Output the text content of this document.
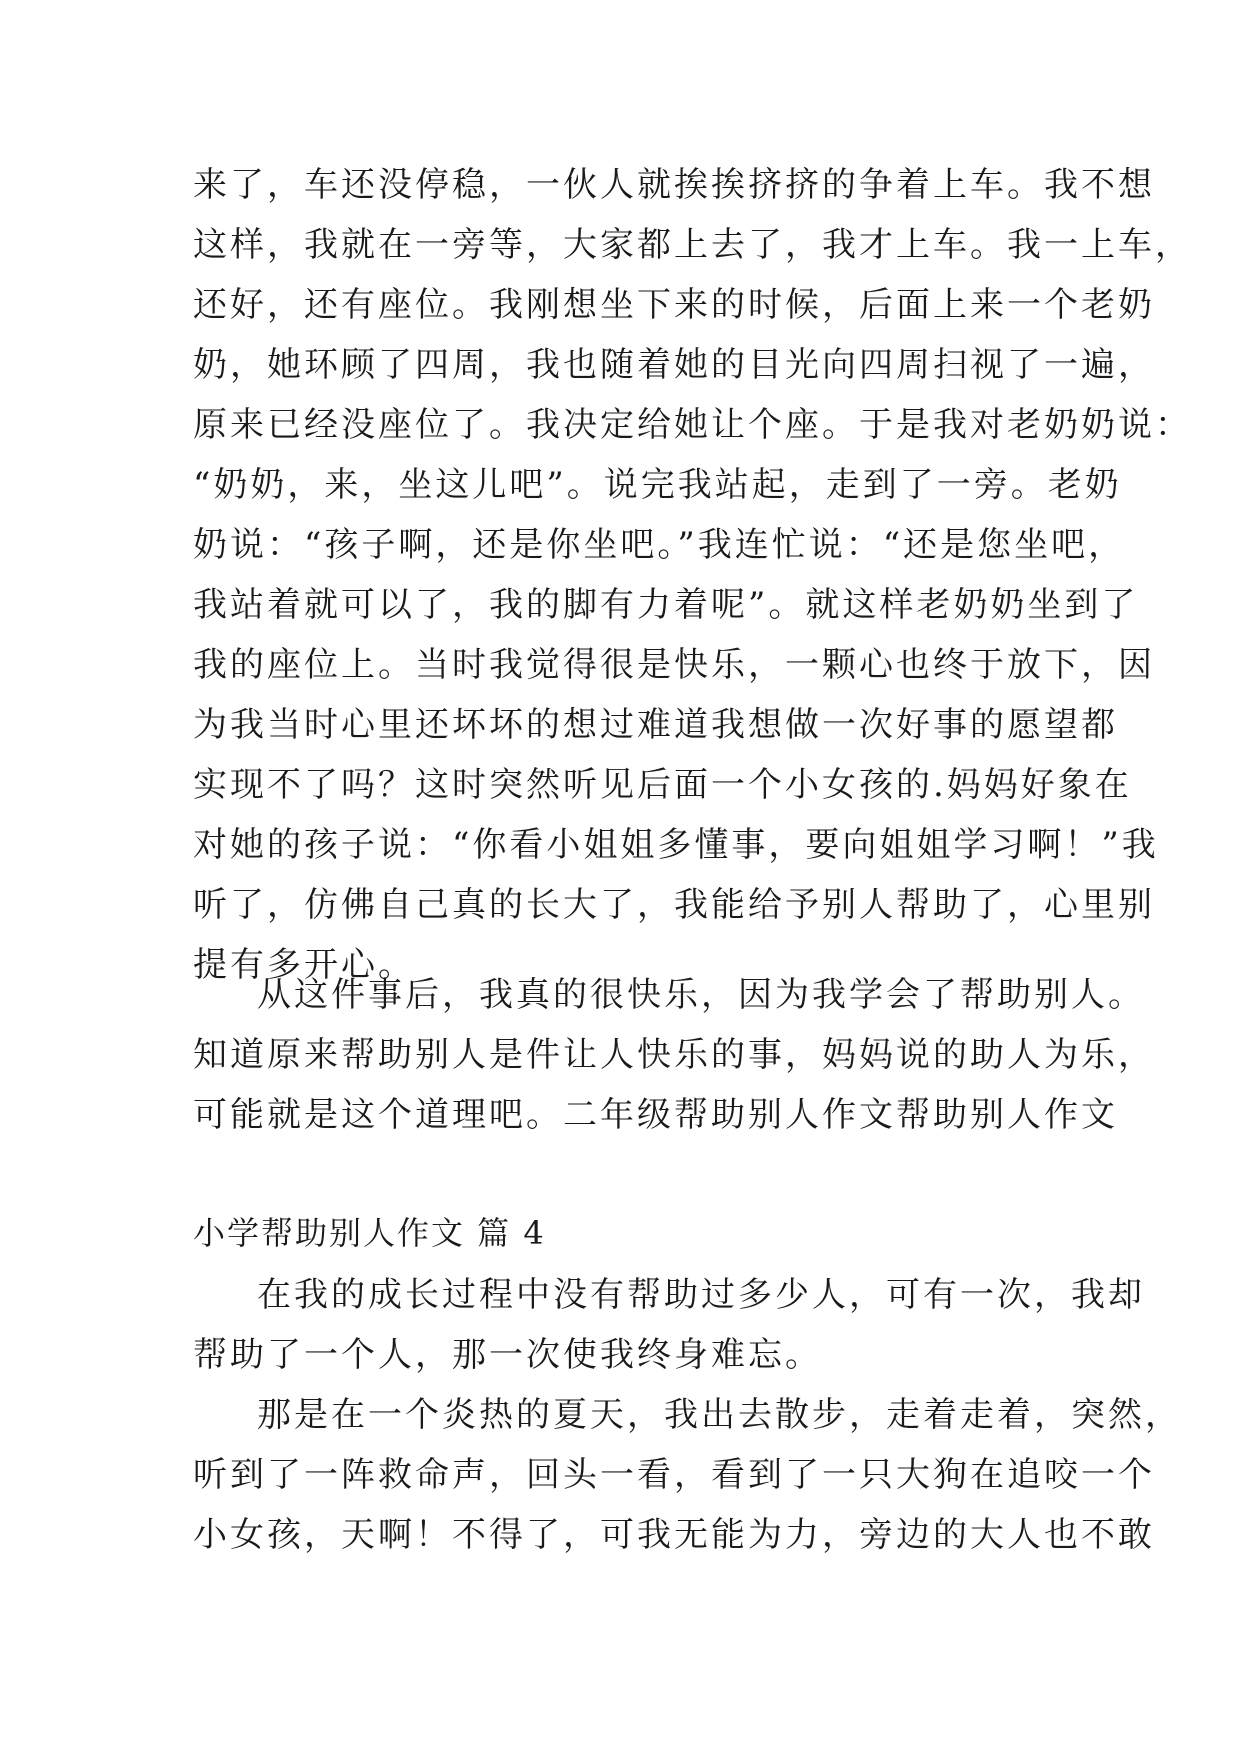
来了，车还没停稳，一伙人就挨挨挤挤的争着上车。我不想
这样，我就在一旁等，大家都上去了，我才上车。我一上车，
还好，还有座位。我刚想坐下来的时候，后面上来一个老奶
奶，她环顾了四周，我也随着她的目光向四周扫视了一遍，
原来已经没座位了。我决定给她让个座。于是我对老奶奶说：
“奶奶，来，坐这儿吧”。说完我站起，走到了一旁。老奶
奶说：“孩子啊，还是你坐吧。”我连忙说：“还是您坐吧，
我站着就可以了，我的脚有力着呢”。就这样老奶奶坐到了
我的座位上。当时我觉得很是快乐，一颗心也终于放下，因
为我当时心里还坏坏的想过难道我想做一次好事的愿望都
实现不了吗？这时突然听见后面一个小女孩的.妈妈好象在
对她的孩子说：“你看小姐姐多懂事，要向姐姐学习啊！”我
听了，仿佛自己真的长大了，我能给予别人帮助了，心里别
提有多开心。
从这件事后，我真的很快乐，因为我学会了帮助别人。
知道原来帮助别人是件让人快乐的事，妈妈说的助人为乐，
可能就是这个道理吧。二年级帮助别人作文帮助别人作文
小学帮助别人作文 篇 4
在我的成长过程中没有帮助过多少人，可有一次，我却
帮助了一个人，那一次使我终身难忘。
那是在一个炎热的夏天，我出去散步，走着走着，突然，
听到了一阵救命声，回头一看，看到了一只大狗在追咬一个
小女孩，天啊！不得了，可我无能为力，旁边的大人也不敢
